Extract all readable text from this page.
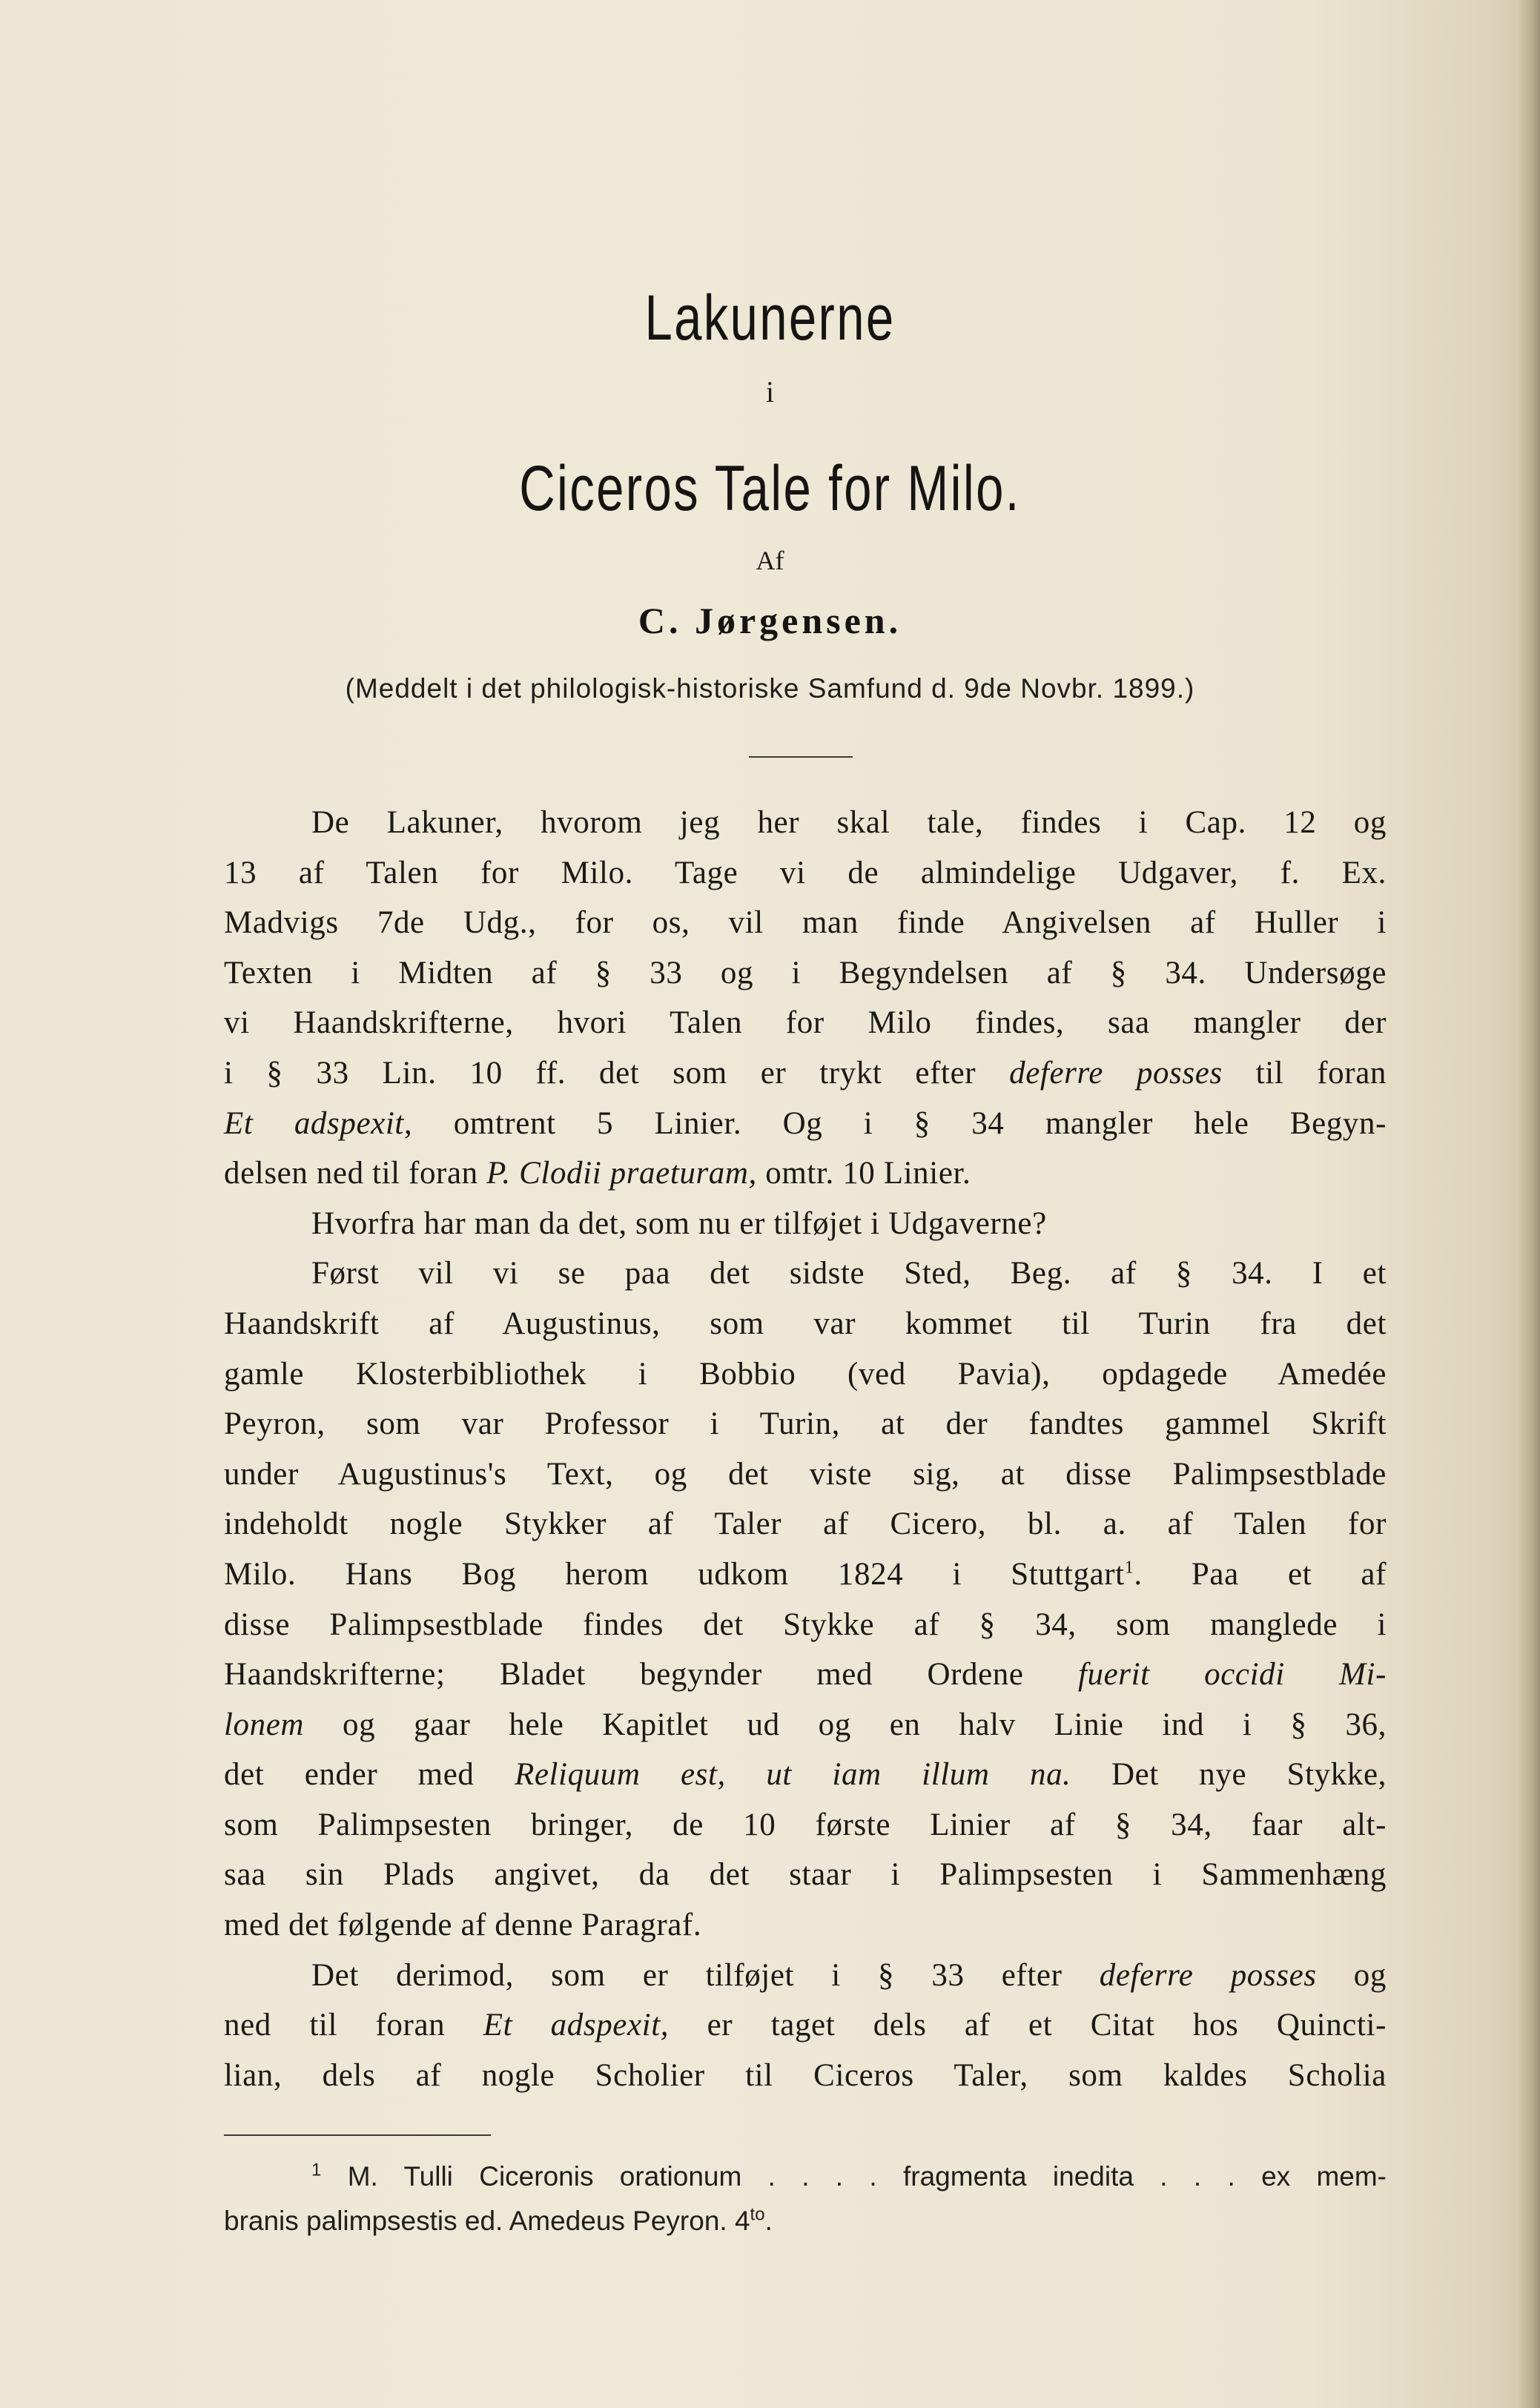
Lakunerne
i
Ciceros Tale for Milo.
Af
C. Jørgensen.
(Meddelt i det philologisk-historiske Samfund d. 9de Novbr. 1899.)
De Lakuner, hvorom jeg her skal tale, findes i Cap. 12 og
13 af Talen for Milo. Tage vi de almindelige Udgaver, f. Ex.
Madvigs 7de Udg., for os, vil man finde Angivelsen af Huller i
Texten i Midten af § 33 og i Begyndelsen af § 34. Undersøge
vi Haandskrifterne, hvori Talen for Milo findes, saa mangler der
i § 33 Lin. 10 ff. det som er trykt efter deferre posses til foran
Et adspexit, omtrent 5 Linier. Og i § 34 mangler hele Begyn-
delsen ned til foran P. Clodii praeturam, omtr. 10 Linier.
Hvorfra har man da det, som nu er tilføjet i Udgaverne?
Først vil vi se paa det sidste Sted, Beg. af § 34. I et
Haandskrift af Augustinus, som var kommet til Turin fra det
gamle Klosterbibliothek i Bobbio (ved Pavia), opdagede Amedée
Peyron, som var Professor i Turin, at der fandtes gammel Skrift
under Augustinus's Text, og det viste sig, at disse Palimpsestblade
indeholdt nogle Stykker af Taler af Cicero, bl. a. af Talen for
Milo. Hans Bog herom udkom 1824 i Stuttgart$^1$. Paa et af
disse Palimpsestblade findes det Stykke af § 34, som manglede i
Haandskrifterne; Bladet begynder med Ordene fuerit occidi Mi-
lonem og gaar hele Kapitlet ud og en halv Linie ind i § 36,
det ender med Reliquum est, ut iam illum na. Det nye Stykke,
som Palimpsesten bringer, de 10 første Linier af § 34, faar alt-
saa sin Plads angivet, da det staar i Palimpsesten i Sammenhæng
med det følgende af denne Paragraf.
Det derimod, som er tilføjet i § 33 efter deferre posses og
ned til foran Et adspexit, er taget dels af et Citat hos Quincti-
lian, dels af nogle Scholier til Ciceros Taler, som kaldes Scholia
$^1$ M. Tulli Ciceronis orationum . . . . fragmenta inedita . . . ex mem-
branis palimpsestis ed. Amedeus Peyron. $4^{to}$.
